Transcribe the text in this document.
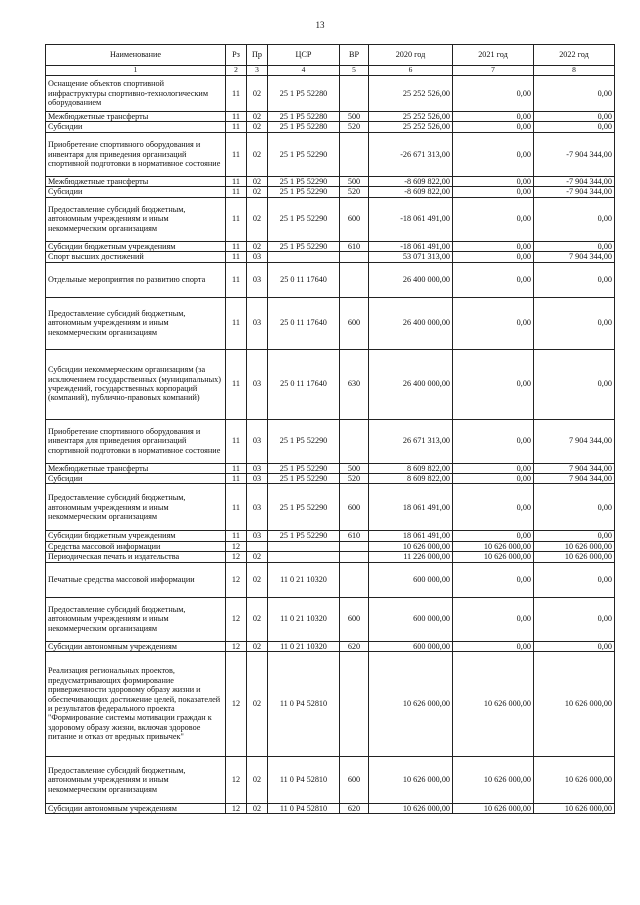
13
Наименование	Рз	Пр	ЦСР	ВР	2020 год	2021 год	2022 год
1	2	3	4	5	6	7	8
Оснащение объектов спортивной инфраструктуры спортивно-технологическим оборудованием	11	02	25 1 P5 52280		25 252 526,00	0,00	0,00
Межбюджетные трансферты	11	02	25 1 P5 52280	500	25 252 526,00	0,00	0,00
Субсидии	11	02	25 1 P5 52280	520	25 252 526,00	0,00	0,00
Приобретение спортивного оборудования и инвентаря для приведения организаций спортивной подготовки в нормативное состояние	11	02	25 1 P5 52290		-26 671 313,00	0,00	-7 904 344,00
Межбюджетные трансферты	11	02	25 1 P5 52290	500	-8 609 822,00	0,00	-7 904 344,00
Субсидии	11	02	25 1 P5 52290	520	-8 609 822,00	0,00	-7 904 344,00
Предоставление субсидий бюджетным, автономным учреждениям и иным некоммерческим организациям	11	02	25 1 P5 52290	600	-18 061 491,00	0,00	0,00
Субсидии бюджетным учреждениям	11	02	25 1 P5 52290	610	-18 061 491,00	0,00	0,00
Спорт высших достижений	11	03			53 071 313,00	0,00	7 904 344,00
Отдельные мероприятия по развитию спорта	11	03	25 0 11 17640		26 400 000,00	0,00	0,00
Предоставление субсидий бюджетным, автономным учреждениям и иным некоммерческим организациям	11	03	25 0 11 17640	600	26 400 000,00	0,00	0,00
Субсидии некоммерческим организациям (за исключением государственных (муниципальных) учреждений, государственных корпораций (компаний), публично-правовых компаний)	11	03	25 0 11 17640	630	26 400 000,00	0,00	0,00
Приобретение спортивного оборудования и инвентаря для приведения организаций спортивной подготовки в нормативное состояние	11	03	25 1 P5 52290		26 671 313,00	0,00	7 904 344,00
Межбюджетные трансферты	11	03	25 1 P5 52290	500	8 609 822,00	0,00	7 904 344,00
Субсидии	11	03	25 1 P5 52290	520	8 609 822,00	0,00	7 904 344,00
Предоставление субсидий бюджетным, автономным учреждениям и иным некоммерческим организациям	11	03	25 1 P5 52290	600	18 061 491,00	0,00	0,00
Субсидии бюджетным учреждениям	11	03	25 1 P5 52290	610	18 061 491,00	0,00	0,00
Средства массовой информации	12				10 626 000,00	10 626 000,00	10 626 000,00
Периодическая печать и издательства	12	02			11 226 000,00	10 626 000,00	10 626 000,00
Печатные средства массовой информации	12	02	11 0 21 10320		600 000,00	0,00	0,00
Предоставление субсидий бюджетным, автономным учреждениям и иным некоммерческим организациям	12	02	11 0 21 10320	600	600 000,00	0,00	0,00
Субсидии автономным учреждениям	12	02	11 0 21 10320	620	600 000,00	0,00	0,00
Реализация региональных проектов, предусматривающих формирование приверженности здоровому образу жизни и обеспечивающих достижение целей, показателей и результатов федерального проекта "Формирование системы мотивации граждан к здоровому образу жизни, включая здоровое питание и отказ от вредных привычек"	12	02	11 0 P4 52810		10 626 000,00	10 626 000,00	10 626 000,00
Предоставление субсидий бюджетным, автономным учреждениям и иным некоммерческим организациям	12	02	11 0 P4 52810	600	10 626 000,00	10 626 000,00	10 626 000,00
Субсидии автономным учреждениям	12	02	11 0 P4 52810	620	10 626 000,00	10 626 000,00	10 626 000,00
